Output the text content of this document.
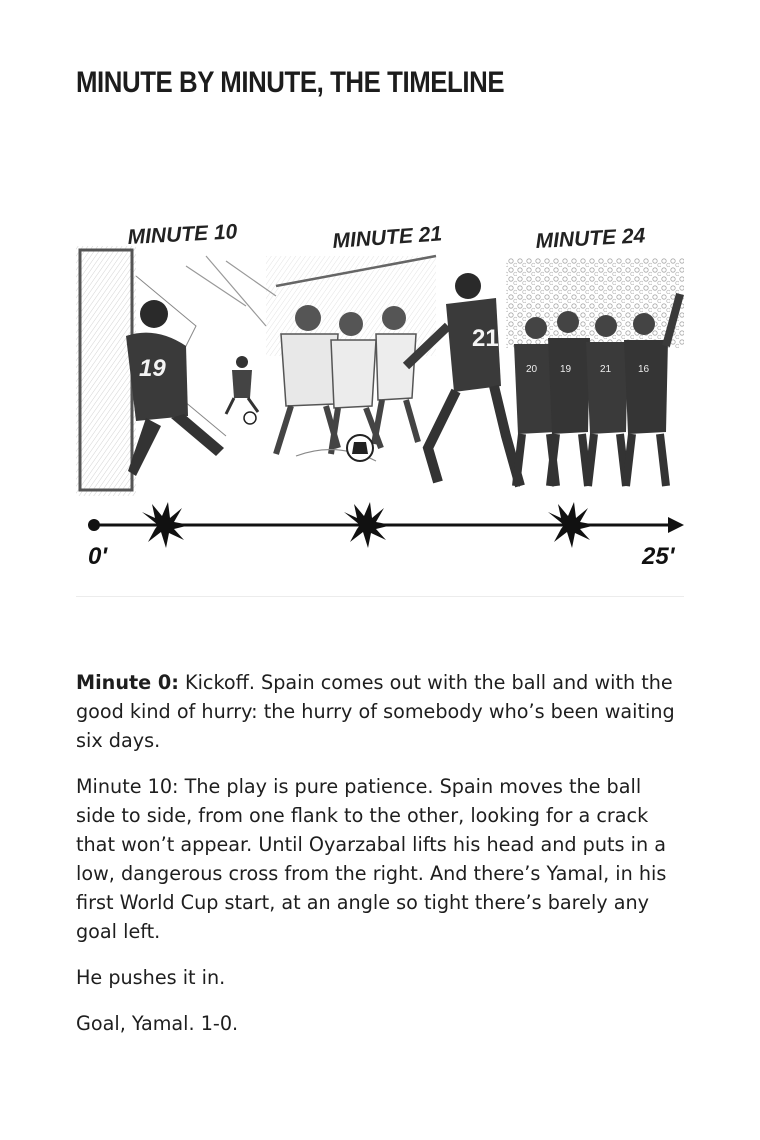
MINUTE BY MINUTE, THE TIMELINE
19
MINUTE 10
21
MINUTE 21
20 19	21	16
MINUTE 24
0'	25'

Minute 0: Kickoff. Spain comes out with the ball and with the good kind of hurry: the hurry of somebody who’s been waiting six days.

Minute 10: The play is pure patience. Spain moves the ball side to side, from one flank to the other, looking for a crack that won’t appear. Until Oyarzabal lifts his head and puts in a low, dangerous cross from the right. And there’s Yamal, in his first World Cup start, at an angle so tight there’s barely any goal left.

He pushes it in.

Goal, Yamal. 1-0.
